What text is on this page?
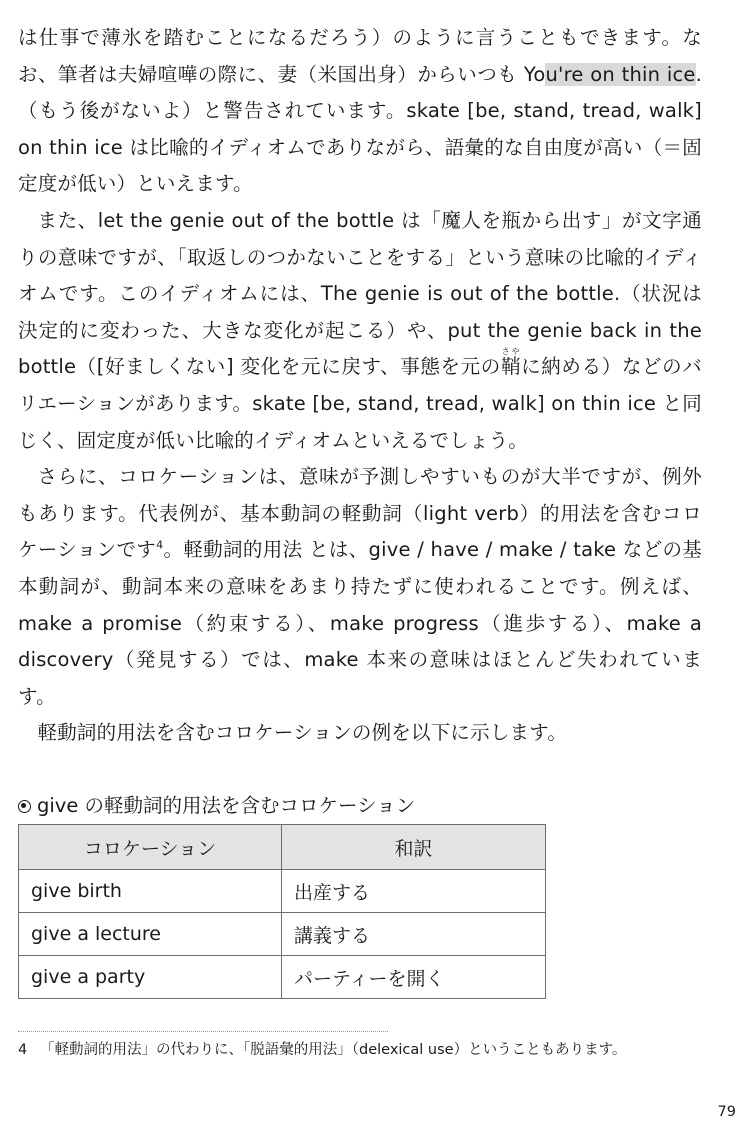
は仕事で薄氷を踏むことになるだろう）のように言うこともできます。なお、筆者は夫婦喧嘩の際に、妻（米国出身）からいつも You're on thin ice.（もう後がないよ）と警告されています。skate [be, stand, tread, walk] on thin ice は比喩的イディオムでありながら、語彙的な自由度が高い（＝固定度が低い）といえます。

また、let the genie out of the bottle は「魔人を瓶から出す」が文字通りの意味ですが、「取返しのつかないことをする」という意味の比喩的イディオムです。このイディオムには、The genie is out of the bottle.（状況は決定的に変わった、大きな変化が起こる）や、put the genie back in the bottle（[好ましくない] 変化を元に戻す、事態を元の鞘さやに納める）などのバリエーションがあります。skate [be, stand, tread, walk] on thin ice と同じく、固定度が低い比喩的イディオムといえるでしょう。

さらに、コロケーションは、意味が予測しやすいものが大半ですが、例外もあります。代表例が、基本動詞の軽動詞（light verb）的用法を含むコロケーションです$^4$。軽動詞的用法 とは、give / have / make / take などの基本動詞が、動詞本来の意味をあまり持たずに使われることです。例えば、make a promise（約束する）、make progress（進歩する）、make a discovery（発見する）では、make 本来の意味はほとんど失われています。

軽動詞的用法を含むコロケーションの例を以下に示します。

give の軽動詞的用法を含むコロケーション
コロケーション	和訳
give birth	出産する
give a lecture	講義する
give a party	パーティーを開く
4 「軽動詞的用法」の代わりに、「脱語彙的用法」（delexical use）ということもあります。
79
